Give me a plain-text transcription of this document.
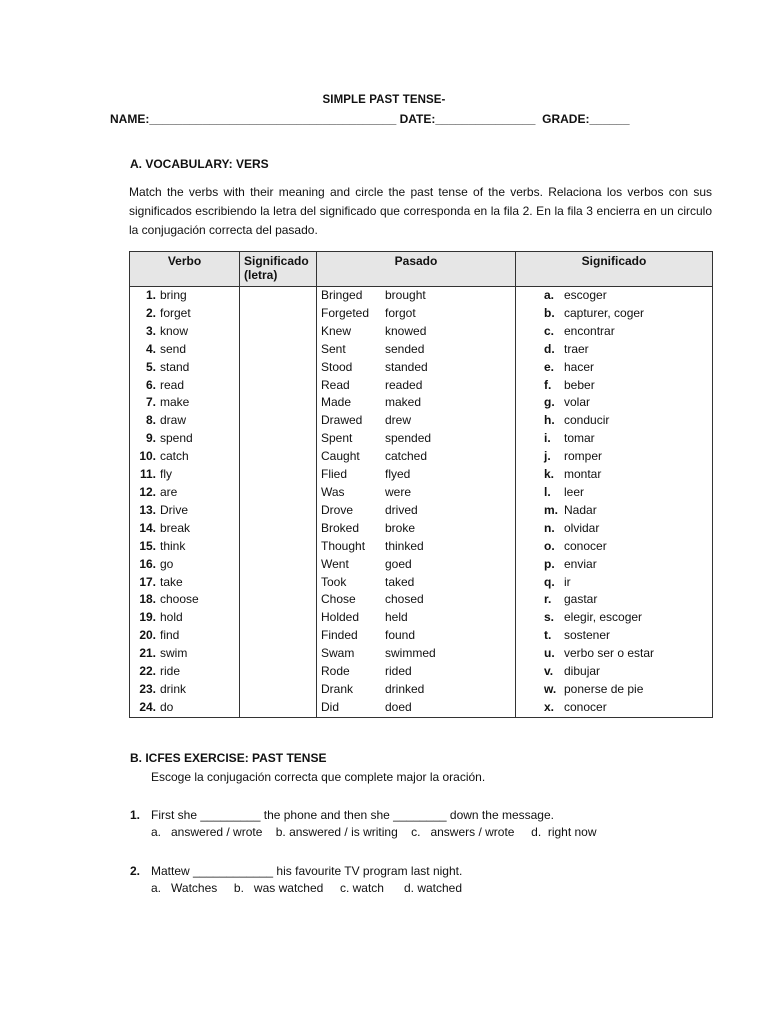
SIMPLE PAST TENSE-
NAME:_____________________________________ DATE:_______________  GRADE:______
A. VOCABULARY: VERS
Match the verbs with their meaning and circle the past tense of the verbs. Relaciona los verbos con sus significados escribiendo la letra del significado que corresponda en la fila 2. En la fila 3 encierra en un circulo la conjugación correcta del pasado.
Verbo	Significado (letra)	Pasado	Significado
1. bring		Bringed brought	a. escoger
2. forget		Forgeted forgot	b. capturer, coger
3. know		Knew knowed	c. encontrar
4. send		Sent sended	d. traer
5. stand		Stood standed	e. hacer
6. read		Read readed	f. beber
7. make		Made maked	g. volar
8. draw		Drawed drew	h. conducir
9. spend		Spent spended	i. tomar
10. catch		Caught catched	j. romper
11. fly		Flied flyed	k. montar
12. are		Was were	l. leer
13. Drive		Drove drived	m. Nadar
14. break		Broked broke	n. olvidar
15. think		Thought thinked	o. conocer
16. go		Went goed	p. enviar
17. take		Took taked	q. ir
18. choose		Chose chosed	r. gastar
19. hold		Holded held	s. elegir, escoger
20. find		Finded found	t. sostener
21. swim		Swam swimmed	u. verbo ser o estar
22. ride		Rode rided	v. dibujar
23. drink		Drank drinked	w. ponerse de pie
24. do		Did doed	x. conocer
B. ICFES EXERCISE: PAST TENSE
Escoge la conjugación correcta que complete major la oración.
1. First she _________ the phone and then she ________ down the message.
a.   answered / wrote    b. answered / is writing    c.   answers / wrote     d.  right now
2. Mattew ____________ his favourite TV program last night.
a.   Watches     b.   was watched     c. watch      d. watched
